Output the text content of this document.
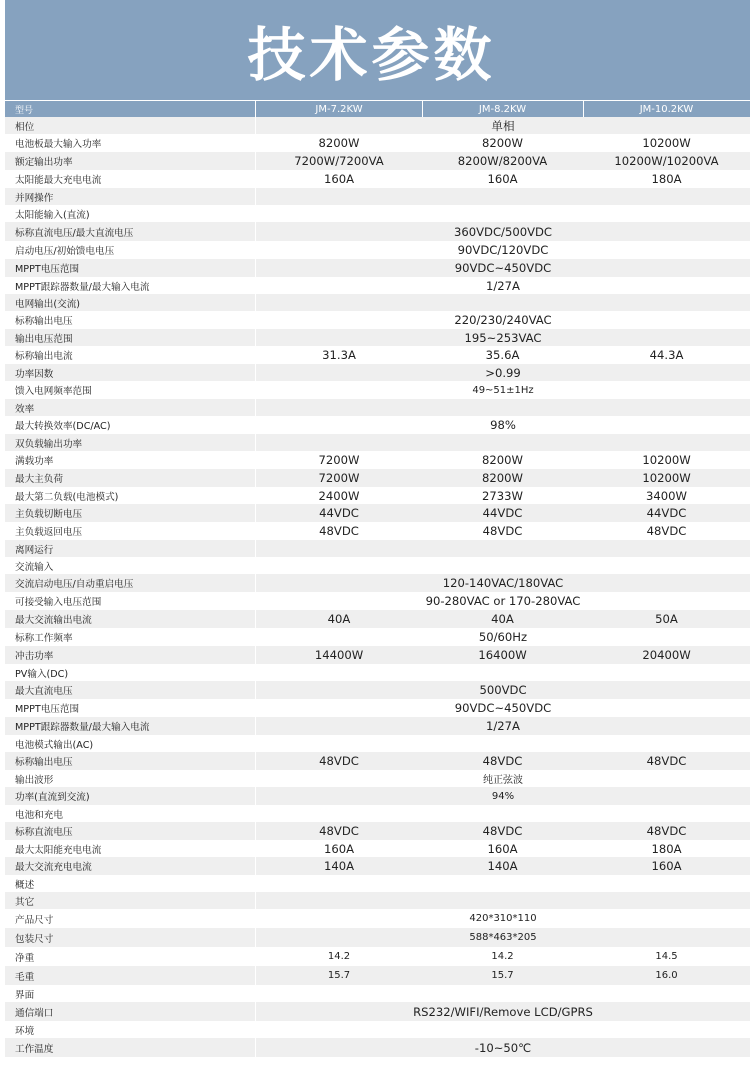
技术参数
型号	JM-7.2KW	JM-8.2KW	JM-10.2KW
相位	单相
电池板最大输入功率	8200W	8200W	10200W
额定输出功率	7200W/7200VA	8200W/8200VA	10200W/10200VA
太阳能最大充电电流	160A	160A	180A
并网操作
太阳能输入(直流)
标称直流电压/最大直流电压	360VDC/500VDC
启动电压/初始馈电电压	90VDC/120VDC
MPPT电压范围	90VDC~450VDC
MPPT跟踪器数量/最大输入电流	1/27A
电网输出(交流)
标称输出电压	220/230/240VAC
输出电压范围	195~253VAC
标称输出电流	31.3A	35.6A	44.3A
功率因数	>0.99
馈入电网频率范围	49~51±1Hz
效率
最大转换效率(DC/AC)	98%
双负载输出功率
满载功率	7200W	8200W	10200W
最大主负荷	7200W	8200W	10200W
最大第二负载(电池模式)	2400W	2733W	3400W
主负载切断电压	44VDC	44VDC	44VDC
主负载返回电压	48VDC	48VDC	48VDC
离网运行
交流输入
交流启动电压/自动重启电压	120-140VAC/180VAC
可接受输入电压范围	90-280VAC or 170-280VAC
最大交流输出电流	40A	40A	50A
标称工作频率	50/60Hz
冲击功率	14400W	16400W	20400W
PV输入(DC)
最大直流电压	500VDC
MPPT电压范围	90VDC~450VDC
MPPT跟踪器数量/最大输入电流	1/27A
电池模式输出(AC)
标称输出电压	48VDC	48VDC	48VDC
输出波形	纯正弦波
功率(直流到交流)	94%
电池和充电
标称直流电压	48VDC	48VDC	48VDC
最大太阳能充电电流	160A	160A	180A
最大交流充电电流	140A	140A	160A
概述
其它
产品尺寸	420*310*110
包装尺寸	588*463*205
净重	14.2	14.2	14.5
毛重	15.7	15.7	16.0
界面
通信端口	RS232/WIFI/Remove LCD/GPRS
环境
工作温度	-10~50℃
